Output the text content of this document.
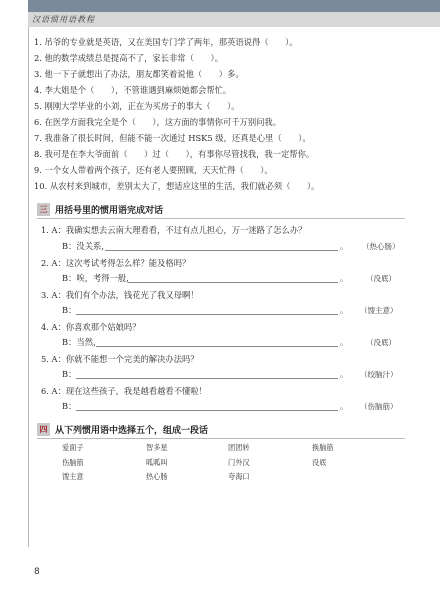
汉语惯用语教程
1. 吊爷的专业就是英语，又在美国专门学了两年，那英语说得（　　）。
2. 他的数学成绩总是提高不了，家长非常（　　）。
3. 他一下子就想出了办法，朋友都笑着说他（　　）多。
4. 李大姐是个（　　），不管谁遇到麻烦她都会帮忙。
5. 刚刚大学毕业的小刘，正在为买房子的事大（　　）。
6. 在医学方面我完全是个（　　），这方面的事情你可千万别问我。
7. 我准备了很长时间，但能不能一次通过 HSK5 级，还真是心里（　　）。
8. 我可是在李大爷面前（　　）过（　　），有事你尽管找我，我一定帮你。
9. 一个女人带着两个孩子，还有老人要照顾，天天忙得（　　）。
10. 从农村来到城市，差别太大了，想适应这里的生活，我们就必须（　　）。
三 用括号里的惯用语完成对话
1. A：我确实想去云南大理看看，不过有点儿担心，万一迷路了怎么办？
B：没关系，	。 （热心肠）
2. A：这次考试考得怎么样？能及格吗？
B：唉，考得一般，	。 （没底）
3. A：我们有个办法，钱花光了我又母啊！
B：	。 （馊主意）
4. A：你喜欢那个姑娘吗？
B：当然，	。 （没底）
5. A：你就不能想一个完美的解决办法吗？
B：	。 （绞脑汁）
6. A：现在这些孩子，我是越看越看不懂啦！
B：	。 （伤脑筋）
四 从下列惯用语中选择五个，组成一段话
爱面子	智多星	团团转	换脑筋
伤脑筋	呱呱叫	门外汉	没底
馊主意	热心肠	夸海口
8
